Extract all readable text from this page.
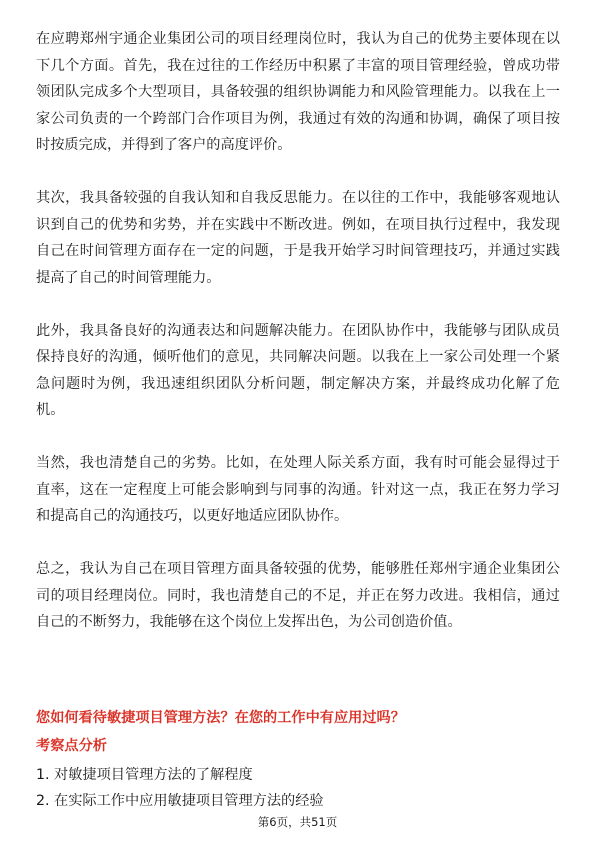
在应聘郑州宇通企业集团公司的项目经理岗位时，我认为自己的优势主要体现在以下几个方面。首先，我在过往的工作经历中积累了丰富的项目管理经验，曾成功带领团队完成多个大型项目，具备较强的组织协调能力和风险管理能力。以我在上一家公司负责的一个跨部门合作项目为例，我通过有效的沟通和协调，确保了项目按时按质完成，并得到了客户的高度评价。

其次，我具备较强的自我认知和自我反思能力。在以往的工作中，我能够客观地认识到自己的优势和劣势，并在实践中不断改进。例如，在项目执行过程中，我发现自己在时间管理方面存在一定的问题，于是我开始学习时间管理技巧，并通过实践提高了自己的时间管理能力。

此外，我具备良好的沟通表达和问题解决能力。在团队协作中，我能够与团队成员保持良好的沟通，倾听他们的意见，共同解决问题。以我在上一家公司处理一个紧急问题时为例，我迅速组织团队分析问题，制定解决方案，并最终成功化解了危机。

当然，我也清楚自己的劣势。比如，在处理人际关系方面，我有时可能会显得过于直率，这在一定程度上可能会影响到与同事的沟通。针对这一点，我正在努力学习和提高自己的沟通技巧，以更好地适应团队协作。

总之，我认为自己在项目管理方面具备较强的优势，能够胜任郑州宇通企业集团公司的项目经理岗位。同时，我也清楚自己的不足，并正在努力改进。我相信，通过自己的不断努力，我能够在这个岗位上发挥出色，为公司创造价值。

您如何看待敏捷项目管理方法？在您的工作中有应用过吗？

考察点分析

1. 对敏捷项目管理方法的了解程度
2. 在实际工作中应用敏捷项目管理方法的经验
第6页，共51页
